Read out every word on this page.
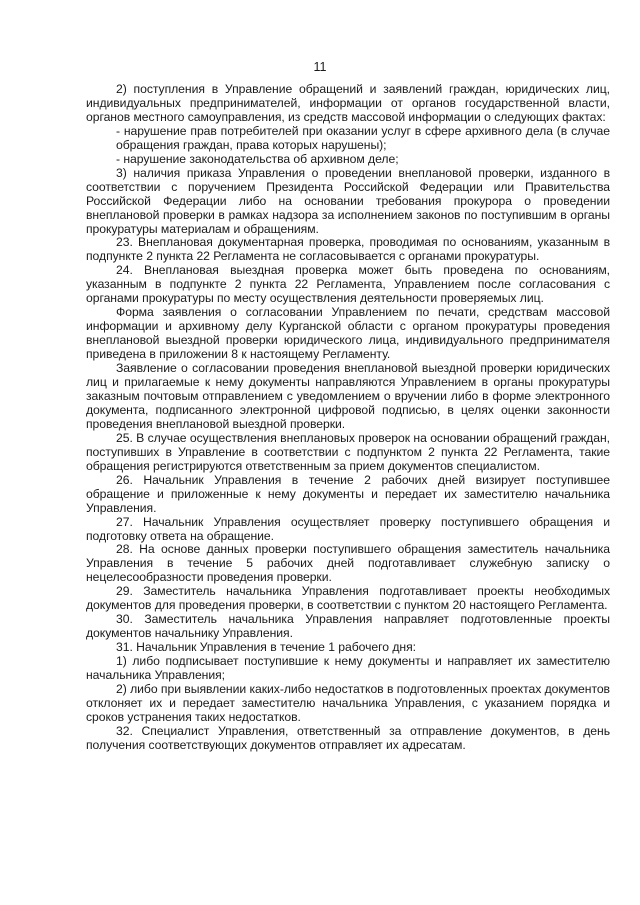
11

2) поступления в Управление обращений и заявлений граждан, юридических лиц, индивидуальных предпринимателей, информации от органов государственной власти, органов местного самоуправления, из средств массовой информации о следующих фактах:

- нарушение прав потребителей при оказании услуг в сфере архивного дела (в случае обращения граждан, права которых нарушены);

- нарушение законодательства об архивном деле;

3) наличия приказа Управления о проведении внеплановой проверки, изданного в соответствии с поручением Президента Российской Федерации или Правительства Российской Федерации либо на основании требования прокурора о проведении внеплановой проверки в рамках надзора за исполнением законов по поступившим в органы прокуратуры материалам и обращениям.

23. Внеплановая документарная проверка, проводимая по основаниям, указанным в подпункте 2 пункта 22 Регламента не согласовывается с органами прокуратуры.

24. Внеплановая выездная проверка может быть проведена по основаниям, указанным в подпункте 2 пункта 22 Регламента, Управлением после согласования с органами прокуратуры по месту осуществления деятельности проверяемых лиц.

Форма заявления о согласовании Управлением по печати, средствам массовой информации и архивному делу Курганской области с органом прокуратуры проведения внеплановой выездной проверки юридического лица, индивидуального предпринимателя приведена в приложении 8 к настоящему Регламенту.

Заявление о согласовании проведения внеплановой выездной проверки юридических лиц и прилагаемые к нему документы направляются Управлением в органы прокуратуры заказным почтовым отправлением с уведомлением о вручении либо в форме электронного документа, подписанного электронной цифровой подписью, в целях оценки законности проведения внеплановой выездной проверки.

25. В случае осуществления внеплановых проверок на основании обращений граждан, поступивших в Управление в соответствии с подпунктом 2 пункта 22 Регламента, такие обращения регистрируются ответственным за прием документов специалистом.

26. Начальник Управления в течение 2 рабочих дней визирует поступившее обращение и приложенные к нему документы и передает их заместителю начальника Управления.

27. Начальник Управления осуществляет проверку поступившего обращения и подготовку ответа на обращение.

28. На основе данных проверки поступившего обращения заместитель начальника Управления в течение 5 рабочих дней подготавливает служебную записку о нецелесообразности проведения проверки.

29. Заместитель начальника Управления подготавливает проекты необходимых документов для проведения проверки, в соответствии с пунктом 20 настоящего Регламента.

30. Заместитель начальника Управления направляет подготовленные проекты документов начальнику Управления.

31. Начальник Управления в течение 1 рабочего дня:

1) либо подписывает поступившие к нему документы и направляет их заместителю начальника Управления;

2) либо при выявлении каких-либо недостатков в подготовленных проектах документов отклоняет их и передает заместителю начальника Управления, с указанием порядка и сроков устранения таких недостатков.

32. Специалист Управления, ответственный за отправление документов, в день получения соответствующих документов отправляет их адресатам.
